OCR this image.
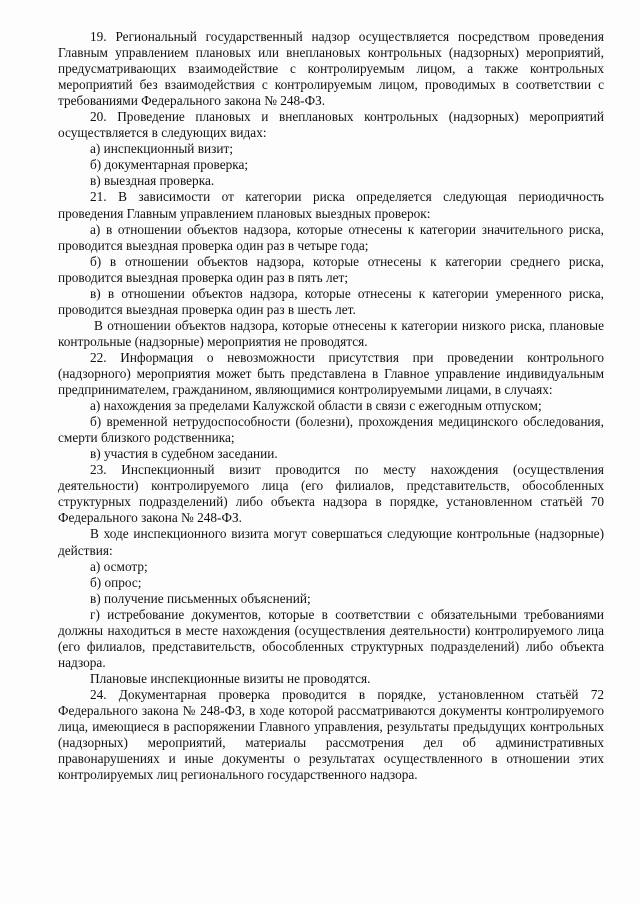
19. Региональный государственный надзор осуществляется посредством проведения Главным управлением плановых или внеплановых контрольных (надзорных) мероприятий, предусматривающих взаимодействие с контролируемым лицом, а также контрольных мероприятий без взаимодействия с контролируемым лицом, проводимых в соответствии с требованиями Федерального закона № 248-ФЗ.

20. Проведение плановых и внеплановых контрольных (надзорных) мероприятий осуществляется в следующих видах:

а) инспекционный визит;

б) документарная проверка;

в) выездная проверка.

21. В зависимости от категории риска определяется следующая периодичность проведения Главным управлением плановых выездных проверок:

а) в отношении объектов надзора, которые отнесены к категории значительного риска, проводится выездная проверка один раз в четыре года;

б) в отношении объектов надзора, которые отнесены к категории среднего риска, проводится выездная проверка один раз в пять лет;

в) в отношении объектов надзора, которые отнесены к категории умеренного риска, проводится выездная проверка один раз в шесть лет.

В отношении объектов надзора, которые отнесены к категории низкого риска, плановые контрольные (надзорные) мероприятия не проводятся.

22. Информация о невозможности присутствия при проведении контрольного (надзорного) мероприятия может быть представлена в Главное управление индивидуальным предпринимателем, гражданином, являющимися контролируемыми лицами, в случаях:

а) нахождения за пределами Калужской области в связи с ежегодным отпуском;

б) временной нетрудоспособности (болезни), прохождения медицинского обследования, смерти близкого родственника;

в) участия в судебном заседании.

23. Инспекционный визит проводится по месту нахождения (осуществления деятельности) контролируемого лица (его филиалов, представительств, обособленных структурных подразделений) либо объекта надзора в порядке, установленном статьёй 70 Федерального закона № 248-ФЗ.

В ходе инспекционного визита могут совершаться следующие контрольные (надзорные) действия:

а) осмотр;

б) опрос;

в) получение письменных объяснений;

г) истребование документов, которые в соответствии с обязательными требованиями должны находиться в месте нахождения (осуществления деятельности) контролируемого лица (его филиалов, представительств, обособленных структурных подразделений) либо объекта надзора.

Плановые инспекционные визиты не проводятся.

24. Документарная проверка проводится в порядке, установленном статьёй 72 Федерального закона № 248-ФЗ, в ходе которой рассматриваются документы контролируемого лица, имеющиеся в распоряжении Главного управления, результаты предыдущих контрольных (надзорных) мероприятий, материалы рассмотрения дел об административных правонарушениях и иные документы о результатах осуществленного в отношении этих контролируемых лиц регионального государственного надзора.
